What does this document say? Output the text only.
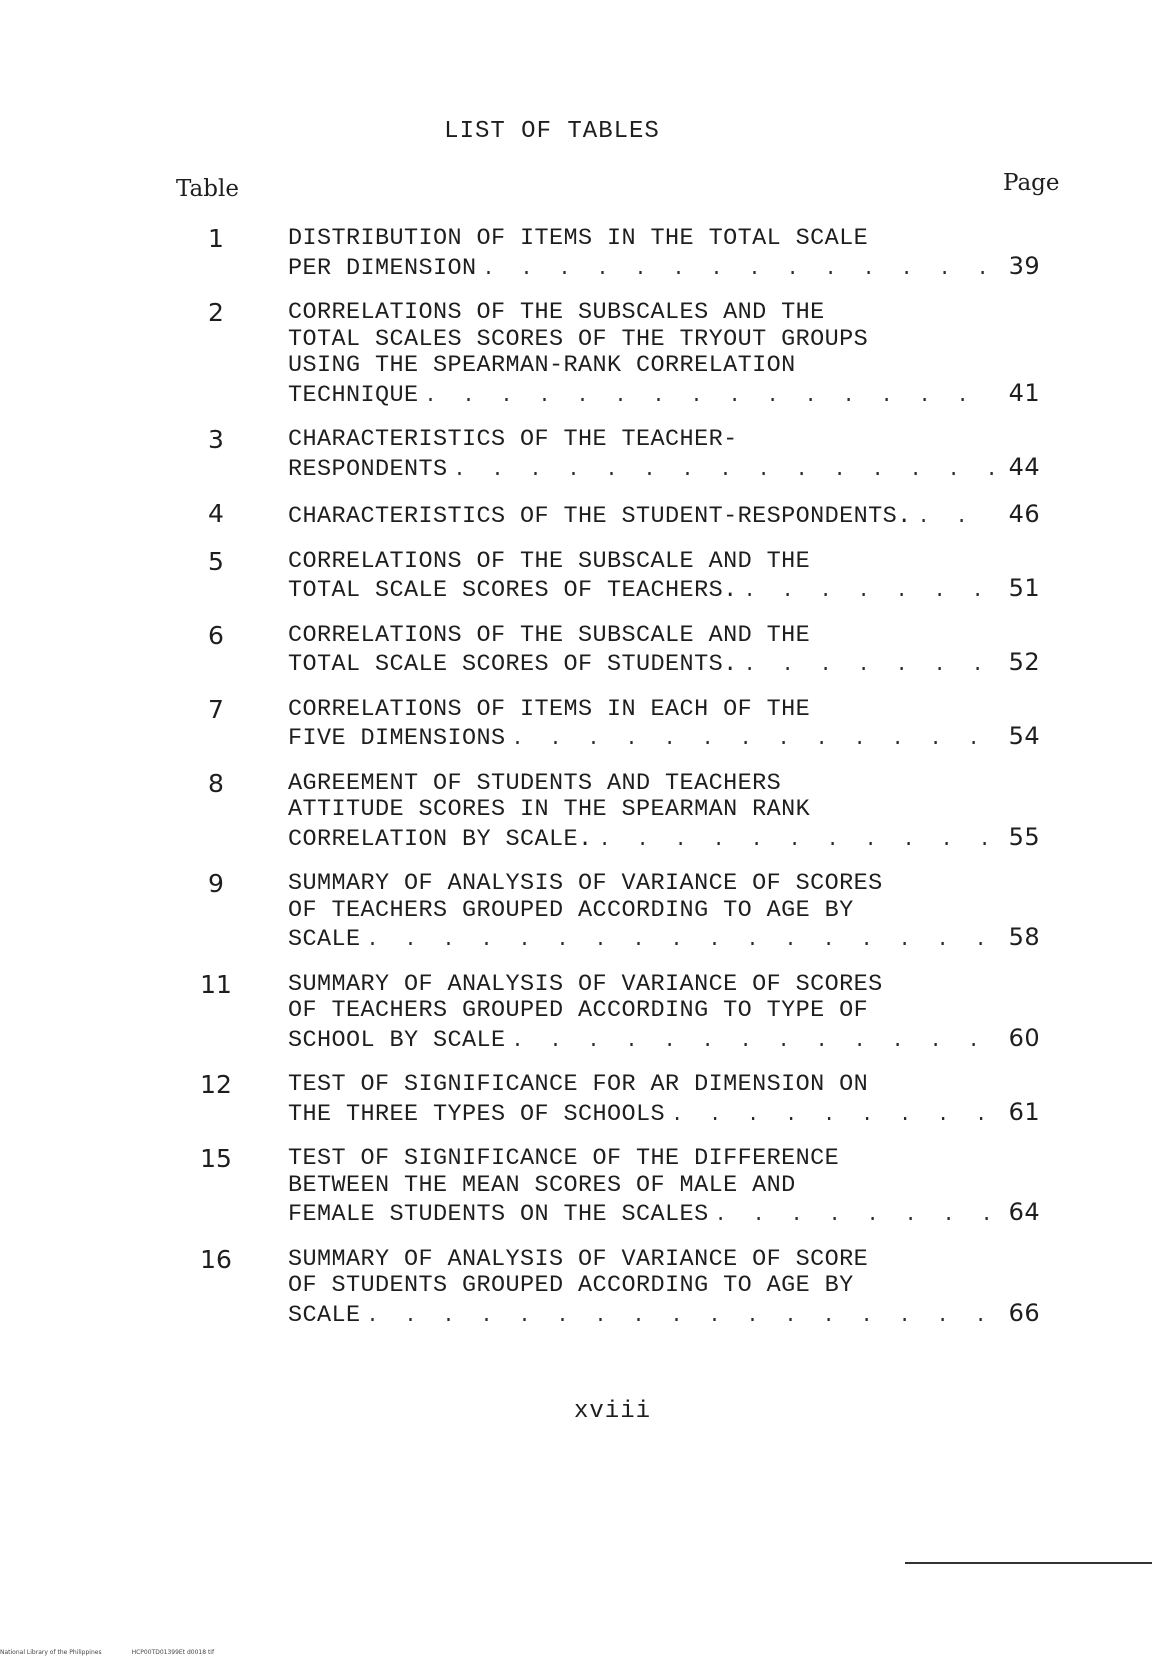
LIST OF TABLES
Table	Page
1	DISTRIBUTION OF ITEMS IN THE TOTAL SCALE
PER DIMENSION . . .	39
2	CORRELATIONS OF THE SUBSCALES AND THE
TOTAL SCALES SCORES OF THE TRYOUT GROUPS
USING THE SPEARMAN-RANK CORRELATION
TECHNIQUE . . .	41
3	CHARACTERISTICS OF THE TEACHER-
RESPONDENTS . . .	44
4	CHARACTERISTICS OF THE STUDENT-RESPONDENTS. . . .	46
5	CORRELATIONS OF THE SUBSCALE AND THE
TOTAL SCALE SCORES OF TEACHERS. . . .	51
6	CORRELATIONS OF THE SUBSCALE AND THE
TOTAL SCALE SCORES OF STUDENTS. . . .	52
7	CORRELATIONS OF ITEMS IN EACH OF THE
FIVE DIMENSIONS . . .	54
8	AGREEMENT OF STUDENTS AND TEACHERS
ATTITUDE SCORES IN THE SPEARMAN RANK
CORRELATION BY SCALE. . . .	55
9	SUMMARY OF ANALYSIS OF VARIANCE OF SCORES
OF TEACHERS GROUPED ACCORDING TO AGE BY
SCALE . . .	58
11	SUMMARY OF ANALYSIS OF VARIANCE OF SCORES
OF TEACHERS GROUPED ACCORDING TO TYPE OF
SCHOOL BY SCALE . . .	60
12	TEST OF SIGNIFICANCE FOR AR DIMENSION ON
THE THREE TYPES OF SCHOOLS . . .	61
15	TEST OF SIGNIFICANCE OF THE DIFFERENCE
BETWEEN THE MEAN SCORES OF MALE AND
FEMALE STUDENTS ON THE SCALES . . .	64
16	SUMMARY OF ANALYSIS OF VARIANCE OF SCORE
OF STUDENTS GROUPED ACCORDING TO AGE BY
SCALE . . .	66
xviii
National Library of the Philippines	HCP00TD01399Et d0018 tif
